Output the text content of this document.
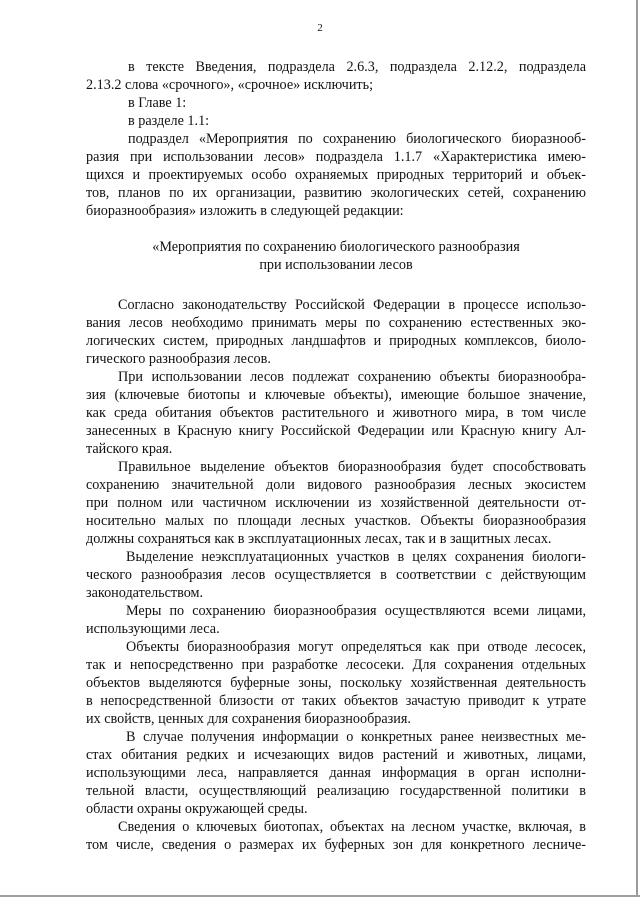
2

в тексте Введения, подраздела 2.6.3, подраздела 2.12.2, подраздела
2.13.2 слова «срочного», «срочное» исключить;

в Главе 1:

в разделе 1.1:

подраздел «Мероприятия по сохранению биологического биоразнооб-
разия при использовании лесов» подраздела 1.1.7 «Характеристика имею-
щихся и проектируемых особо охраняемых природных территорий и объек-
тов, планов по их организации, развитию экологических сетей, сохранению
биоразнообразия» изложить в следующей редакции:

«Мероприятия по сохранению биологического разнообразия
при использовании лесов

Согласно законодательству Российской Федерации в процессе использо-
вания лесов необходимо принимать меры по сохранению естественных эко-
логических систем, природных ландшафтов и природных комплексов, биоло-
гического разнообразия лесов.

При использовании лесов подлежат сохранению объекты биоразнообра-
зия (ключевые биотопы и ключевые объекты), имеющие большое значение,
как среда обитания объектов растительного и животного мира, в том числе
занесенных в Красную книгу Российской Федерации или Красную книгу Ал-
тайского края.

Правильное выделение объектов биоразнообразия будет способствовать
сохранению значительной доли видового разнообразия лесных экосистем
при полном или частичном исключении из хозяйственной деятельности от-
носительно малых по площади лесных участков. Объекты биоразнообразия
должны сохраняться как в эксплуатационных лесах, так и в защитных лесах.

Выделение неэксплуатационных участков в целях сохранения биологи-
ческого разнообразия лесов осуществляется в соответствии с действующим
законодательством.

Меры по сохранению биоразнообразия осуществляются всеми лицами,
использующими леса.

Объекты биоразнообразия могут определяться как при отводе лесосек,
так и непосредственно при разработке лесосеки. Для сохранения отдельных
объектов выделяются буферные зоны, поскольку хозяйственная деятельность
в непосредственной близости от таких объектов зачастую приводит к утрате
их свойств, ценных для сохранения биоразнообразия.

В случае получения информации о конкретных ранее неизвестных ме-
стах обитания редких и исчезающих видов растений и животных, лицами,
использующими леса, направляется данная информация в орган исполни-
тельной власти, осуществляющий реализацию государственной политики в
области охраны окружающей среды.

Сведения о ключевых биотопах, объектах на лесном участке, включая, в
том числе, сведения о размерах их буферных зон для конкретного лесниче-
